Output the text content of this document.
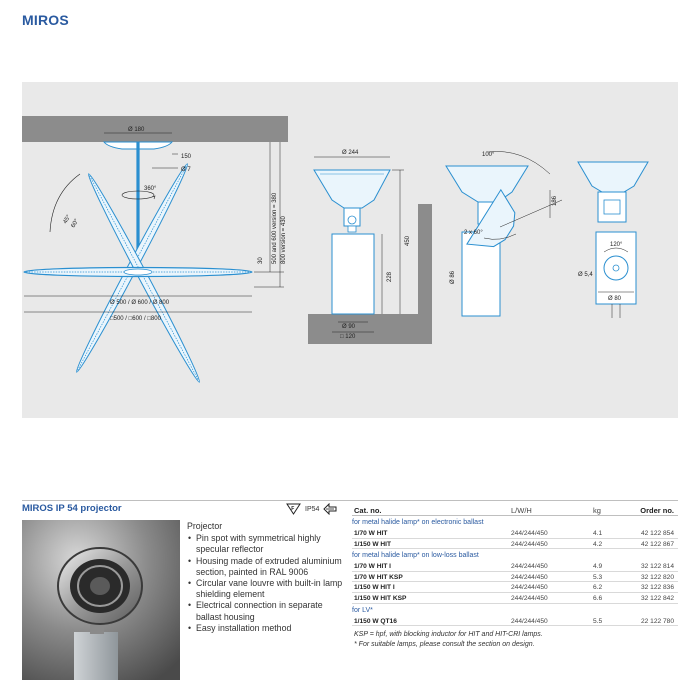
MIROS
Ø 180
150
Ø 7
360°
45°
60°	500 and 600 version = 380 800 version = 430
30
Ø 500 / Ø 600 / Ø 800
□500 / □600 / □800
Ø 244
450
228
Ø 90
□ 120
100°
186
2 x 60°
Ø 86
120°
Ø 5,4
Ø 80
MIROS IP 54 projector
Projector
• Pin spot with symmetrical highly specular reflector
• Housing made of extruded aluminium section, painted in RAL 9006
• Circular vane louvre with built-in lamp shielding element
• Electrical connection in separate ballast housing
• Easy installation method
F IP54	Cat. no.	L/W/H	kg	Order no.
for metal halide lamp* on electronic ballast
1/70 W HIT	244/244/450	4.1	42 122 854
1/150 W HIT	244/244/450	4.2	42 122 867
for metal halide lamp* on low-loss ballast
1/70 W HIT I	244/244/450	4.9	32 122 814
1/70 W HIT KSP	244/244/450	5.3	32 122 820
1/150 W HIT I	244/244/450	6.2	32 122 836
1/150 W HIT KSP	244/244/450	6.6	32 122 842
for LV*
1/150 W QT16	244/244/450	5.5	22 122 780
KSP = hpf, with blocking inductor for HIT and HIT-CRI lamps.
* For suitable lamps, please consult the section on design.
